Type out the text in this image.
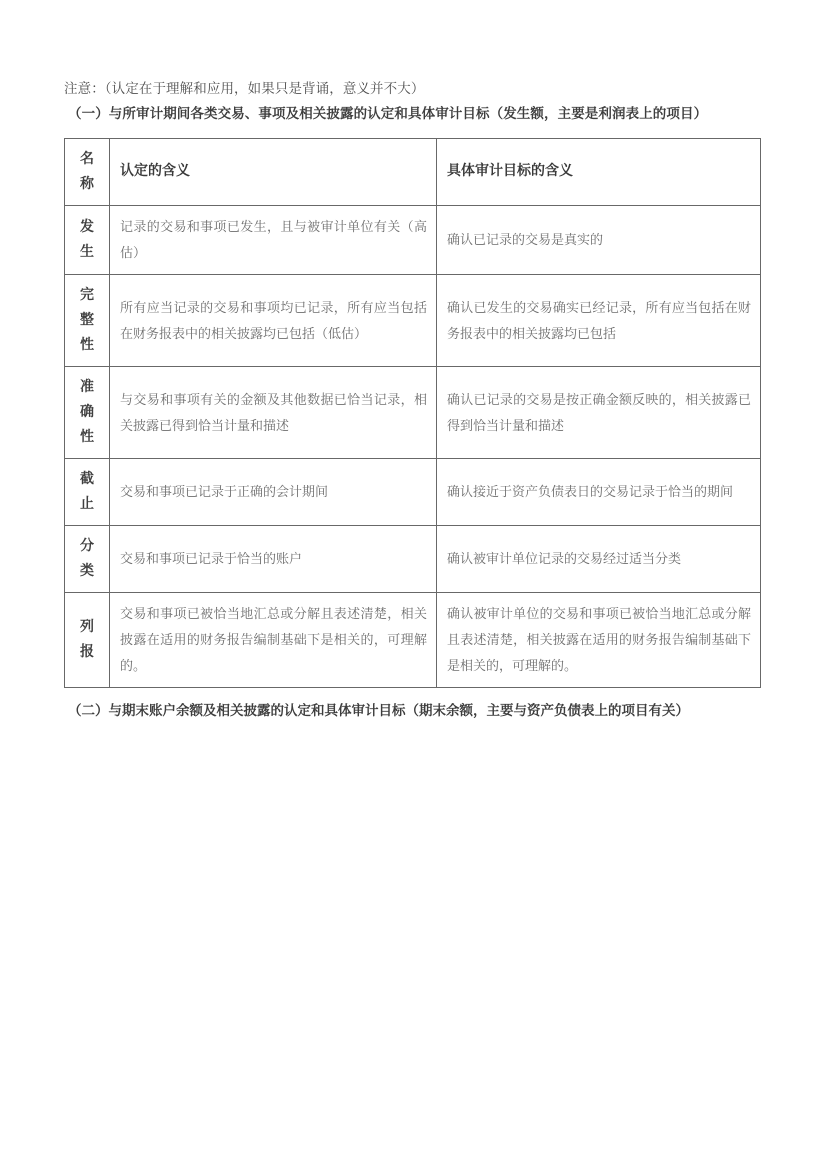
注意：（认定在于理解和应用，如果只是背诵，意义并不大）
（一）与所审计期间各类交易、事项及相关披露的认定和具体审计目标（发生额，主要是利润表上的项目）
名
称	认定的含义	具体审计目标的含义

发
生	记录的交易和事项已发生，且与被审计单位有关（高估）	确认已记录的交易是真实的

完
整
性	所有应当记录的交易和事项均已记录，所有应当包括在财务报表中的相关披露均已包括（低估）	确认已发生的交易确实已经记录，所有应当包括在财务报表中的相关披露均已包括

准
确
性	与交易和事项有关的金额及其他数据已恰当记录，相关披露已得到恰当计量和描述	确认已记录的交易是按正确金额反映的，相关披露已得到恰当计量和描述

截
止	交易和事项已记录于正确的会计期间	确认接近于资产负债表日的交易记录于恰当的期间

分
类	交易和事项已记录于恰当的账户	确认被审计单位记录的交易经过适当分类

列
报	交易和事项已被恰当地汇总或分解且表述清楚，相关披露在适用的财务报告编制基础下是相关的，可理解的。	确认被审计单位的交易和事项已被恰当地汇总或分解且表述清楚，相关披露在适用的财务报告编制基础下是相关的，可理解的。
（二）与期末账户余额及相关披露的认定和具体审计目标（期末余额，主要与资产负债表上的项目有关）
